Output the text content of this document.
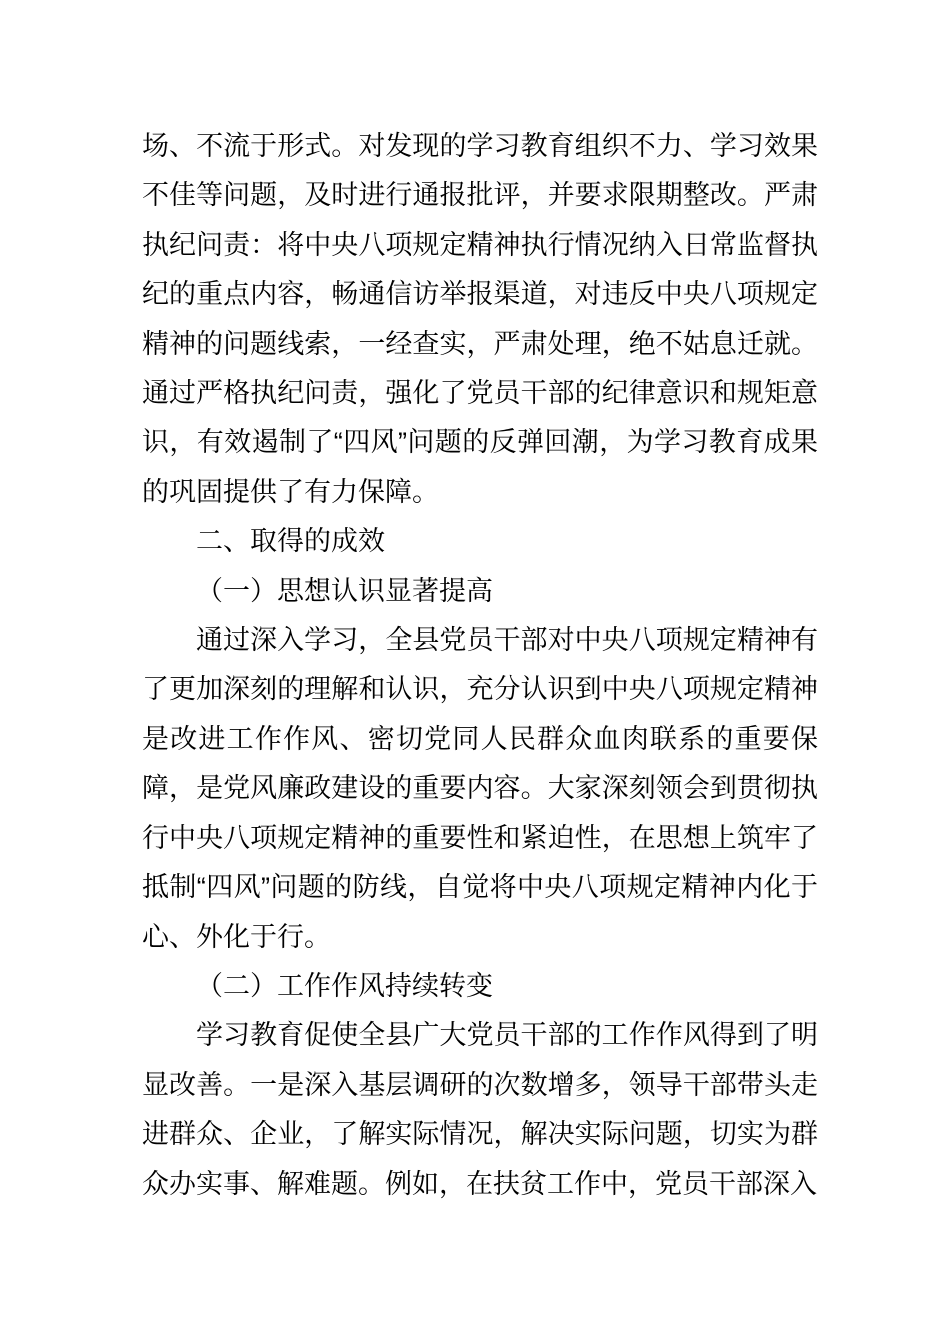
场、不流于形式。对发现的学习教育组织不力、学习效果不佳等问题，及时进行通报批评，并要求限期整改。严肃执纪问责：将中央八项规定精神执行情况纳入日常监督执纪的重点内容，畅通信访举报渠道，对违反中央八项规定精神的问题线索，一经查实，严肃处理，绝不姑息迁就。通过严格执纪问责，强化了党员干部的纪律意识和规矩意识，有效遏制了“四风”问题的反弹回潮，为学习教育成果的巩固提供了有力保障。

二、取得的成效

（一）思想认识显著提高

通过深入学习，全县党员干部对中央八项规定精神有了更加深刻的理解和认识，充分认识到中央八项规定精神是改进工作作风、密切党同人民群众血肉联系的重要保障，是党风廉政建设的重要内容。大家深刻领会到贯彻执行中央八项规定精神的重要性和紧迫性，在思想上筑牢了抵制“四风”问题的防线，自觉将中央八项规定精神内化于心、外化于行。

（二）工作作风持续转变

学习教育促使全县广大党员干部的工作作风得到了明显改善。一是深入基层调研的次数增多，领导干部带头走进群众、企业，了解实际情况，解决实际问题，切实为群众办实事、解难题。例如，在扶贫工作中，党员干部深入
